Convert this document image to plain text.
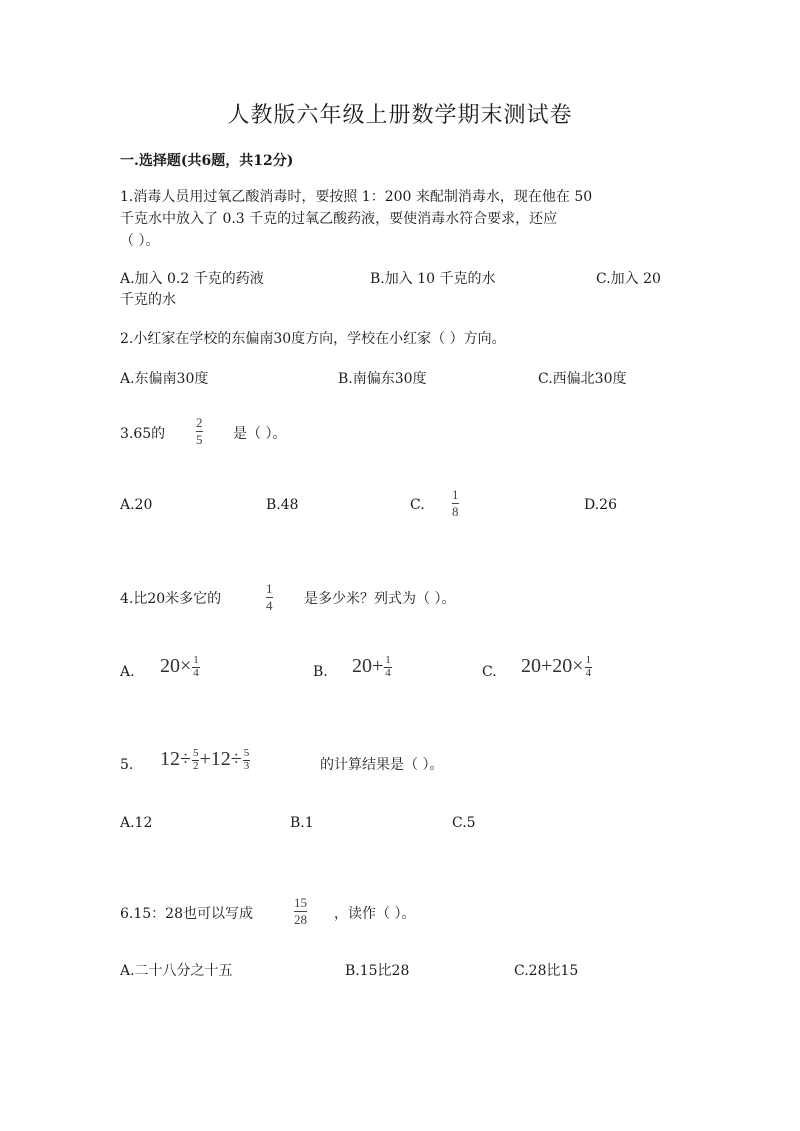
人教版六年级上册数学期末测试卷
一.选择题(共6题，共12分)
1.消毒人员用过氧乙酸消毒时，要按照 1：200 来配制消毒水，现在他在 50
千克水中放入了 0.3 千克的过氧乙酸药液，要使消毒水符合要求，还应
（ ）。
A.加入 0.2 千克的药液	B.加入 10 千克的水	C.加入 20
千克的水
2.小红家在学校的东偏南30度方向，学校在小红家（ ）方向。
A.东偏南30度	B.南偏东30度	C.西偏北30度
3.65的
2
5 是（ ）。
A.20	B.48	C.
1
8	D.26
4.比20米多它的
1
4 是多少米？列式为（ ）。
A. $20\times \frac{1}{4}$	B. $20+ \frac{1}{4}$	C. $20+20\times \frac{1}{4}$
5. $12\div \frac{5}{2} +12\div \frac{5}{3}$	的计算结果是（ ）。
A.12	B.1	C.5
6.15：28也可以写成
15
28 ，读作（ ）。
A.二十八分之十五	B.15比28	C.28比15
